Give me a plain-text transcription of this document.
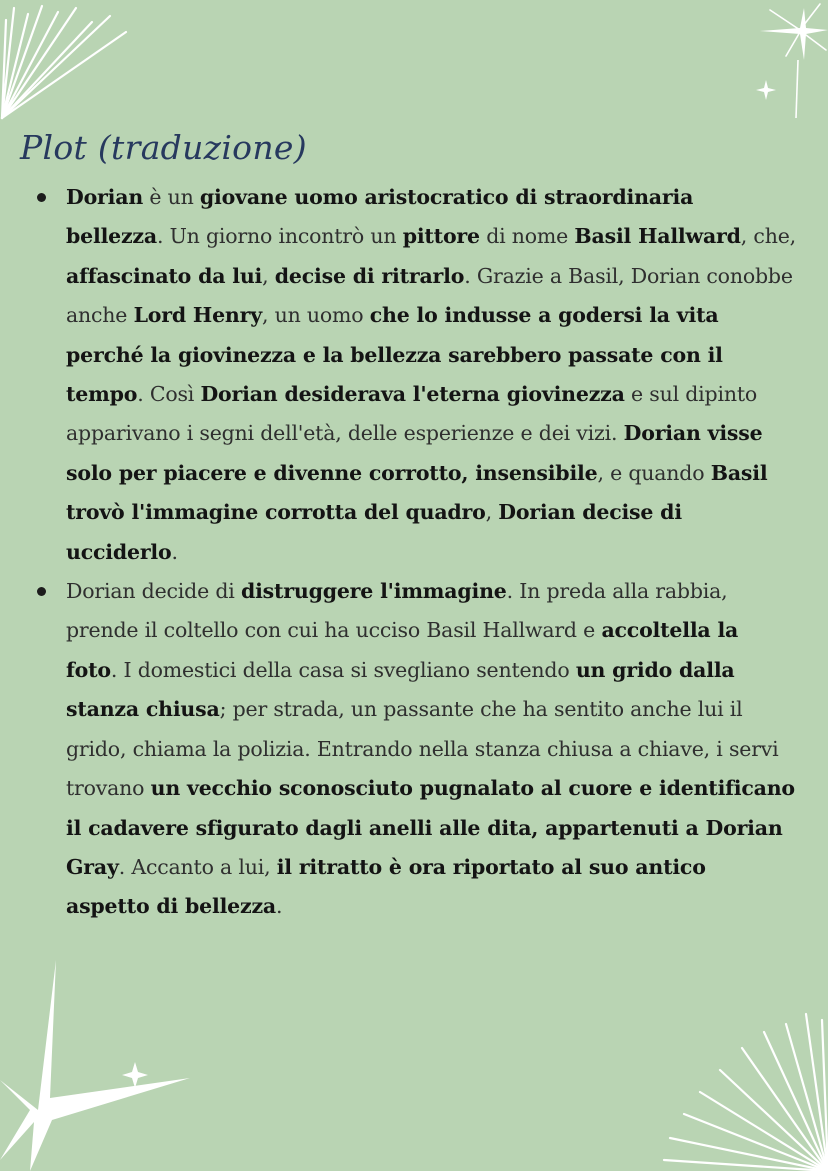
Plot (traduzione)
Dorian è un giovane uomo aristocratico di straordinaria bellezza. Un giorno incontrò un pittore di nome Basil Hallward, che, affascinato da lui, decise di ritrarlo. Grazie a Basil, Dorian conobbe anche Lord Henry, un uomo che lo indusse a godersi la vita perché la giovinezza e la bellezza sarebbero passate con il tempo. Così Dorian desiderava l'eterna giovinezza e sul dipinto apparivano i segni dell'età, delle esperienze e dei vizi. Dorian visse solo per piacere e divenne corrotto, insensibile, e quando Basil trovò l'immagine corrotta del quadro, Dorian decise di ucciderlo.
Dorian decide di distruggere l'immagine. In preda alla rabbia, prende il coltello con cui ha ucciso Basil Hallward e accoltella la foto. I domestici della casa si svegliano sentendo un grido dalla stanza chiusa; per strada, un passante che ha sentito anche lui il grido, chiama la polizia. Entrando nella stanza chiusa a chiave, i servi trovano un vecchio sconosciuto pugnalato al cuore e identificano il cadavere sfigurato dagli anelli alle dita, appartenuti a Dorian Gray. Accanto a lui, il ritratto è ora riportato al suo antico aspetto di bellezza.
